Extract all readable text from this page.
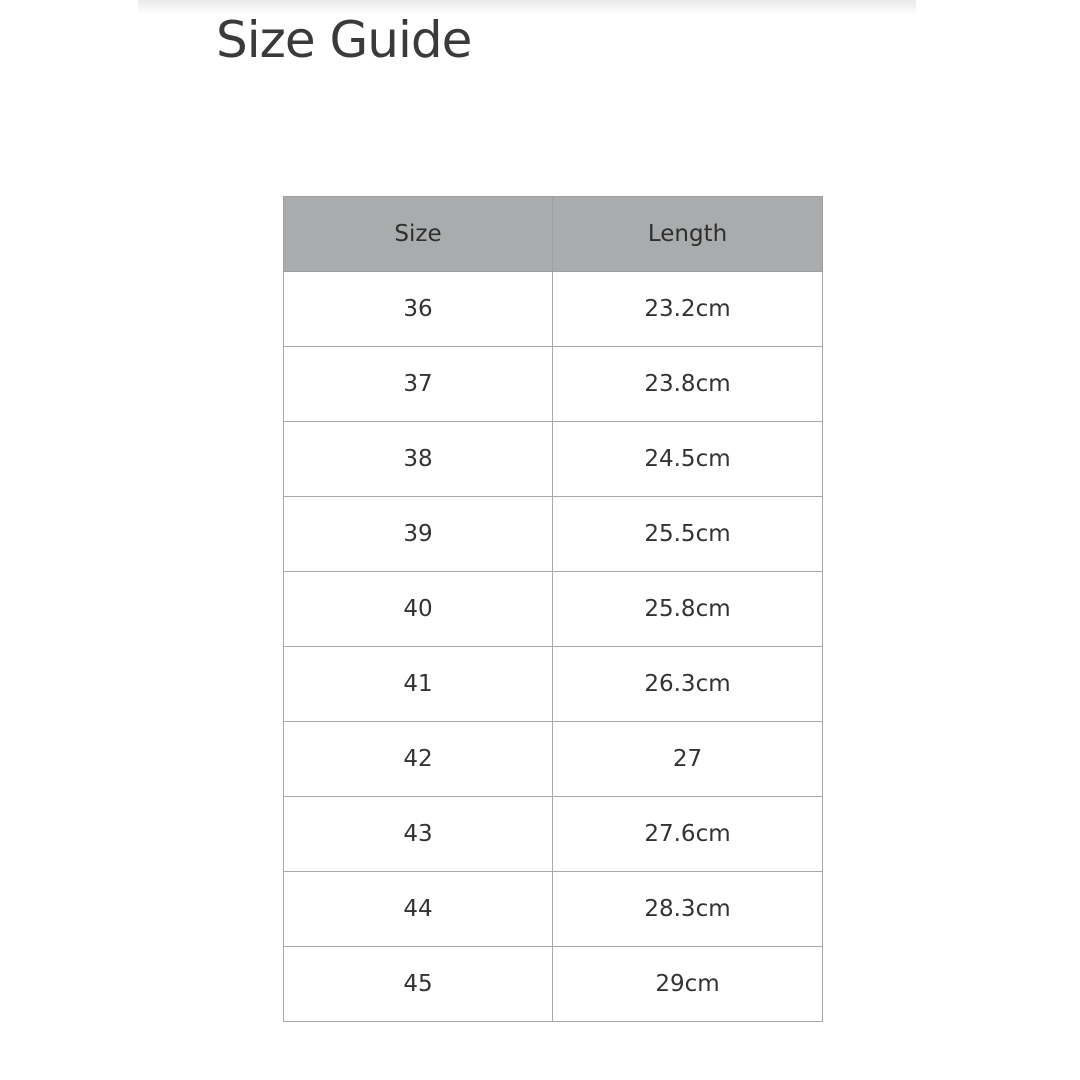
Size Guide
Size	Length
36	23.2cm
37	23.8cm
38	24.5cm
39	25.5cm
40	25.8cm
41	26.3cm
42	27
43	27.6cm
44	28.3cm
45	29cm
